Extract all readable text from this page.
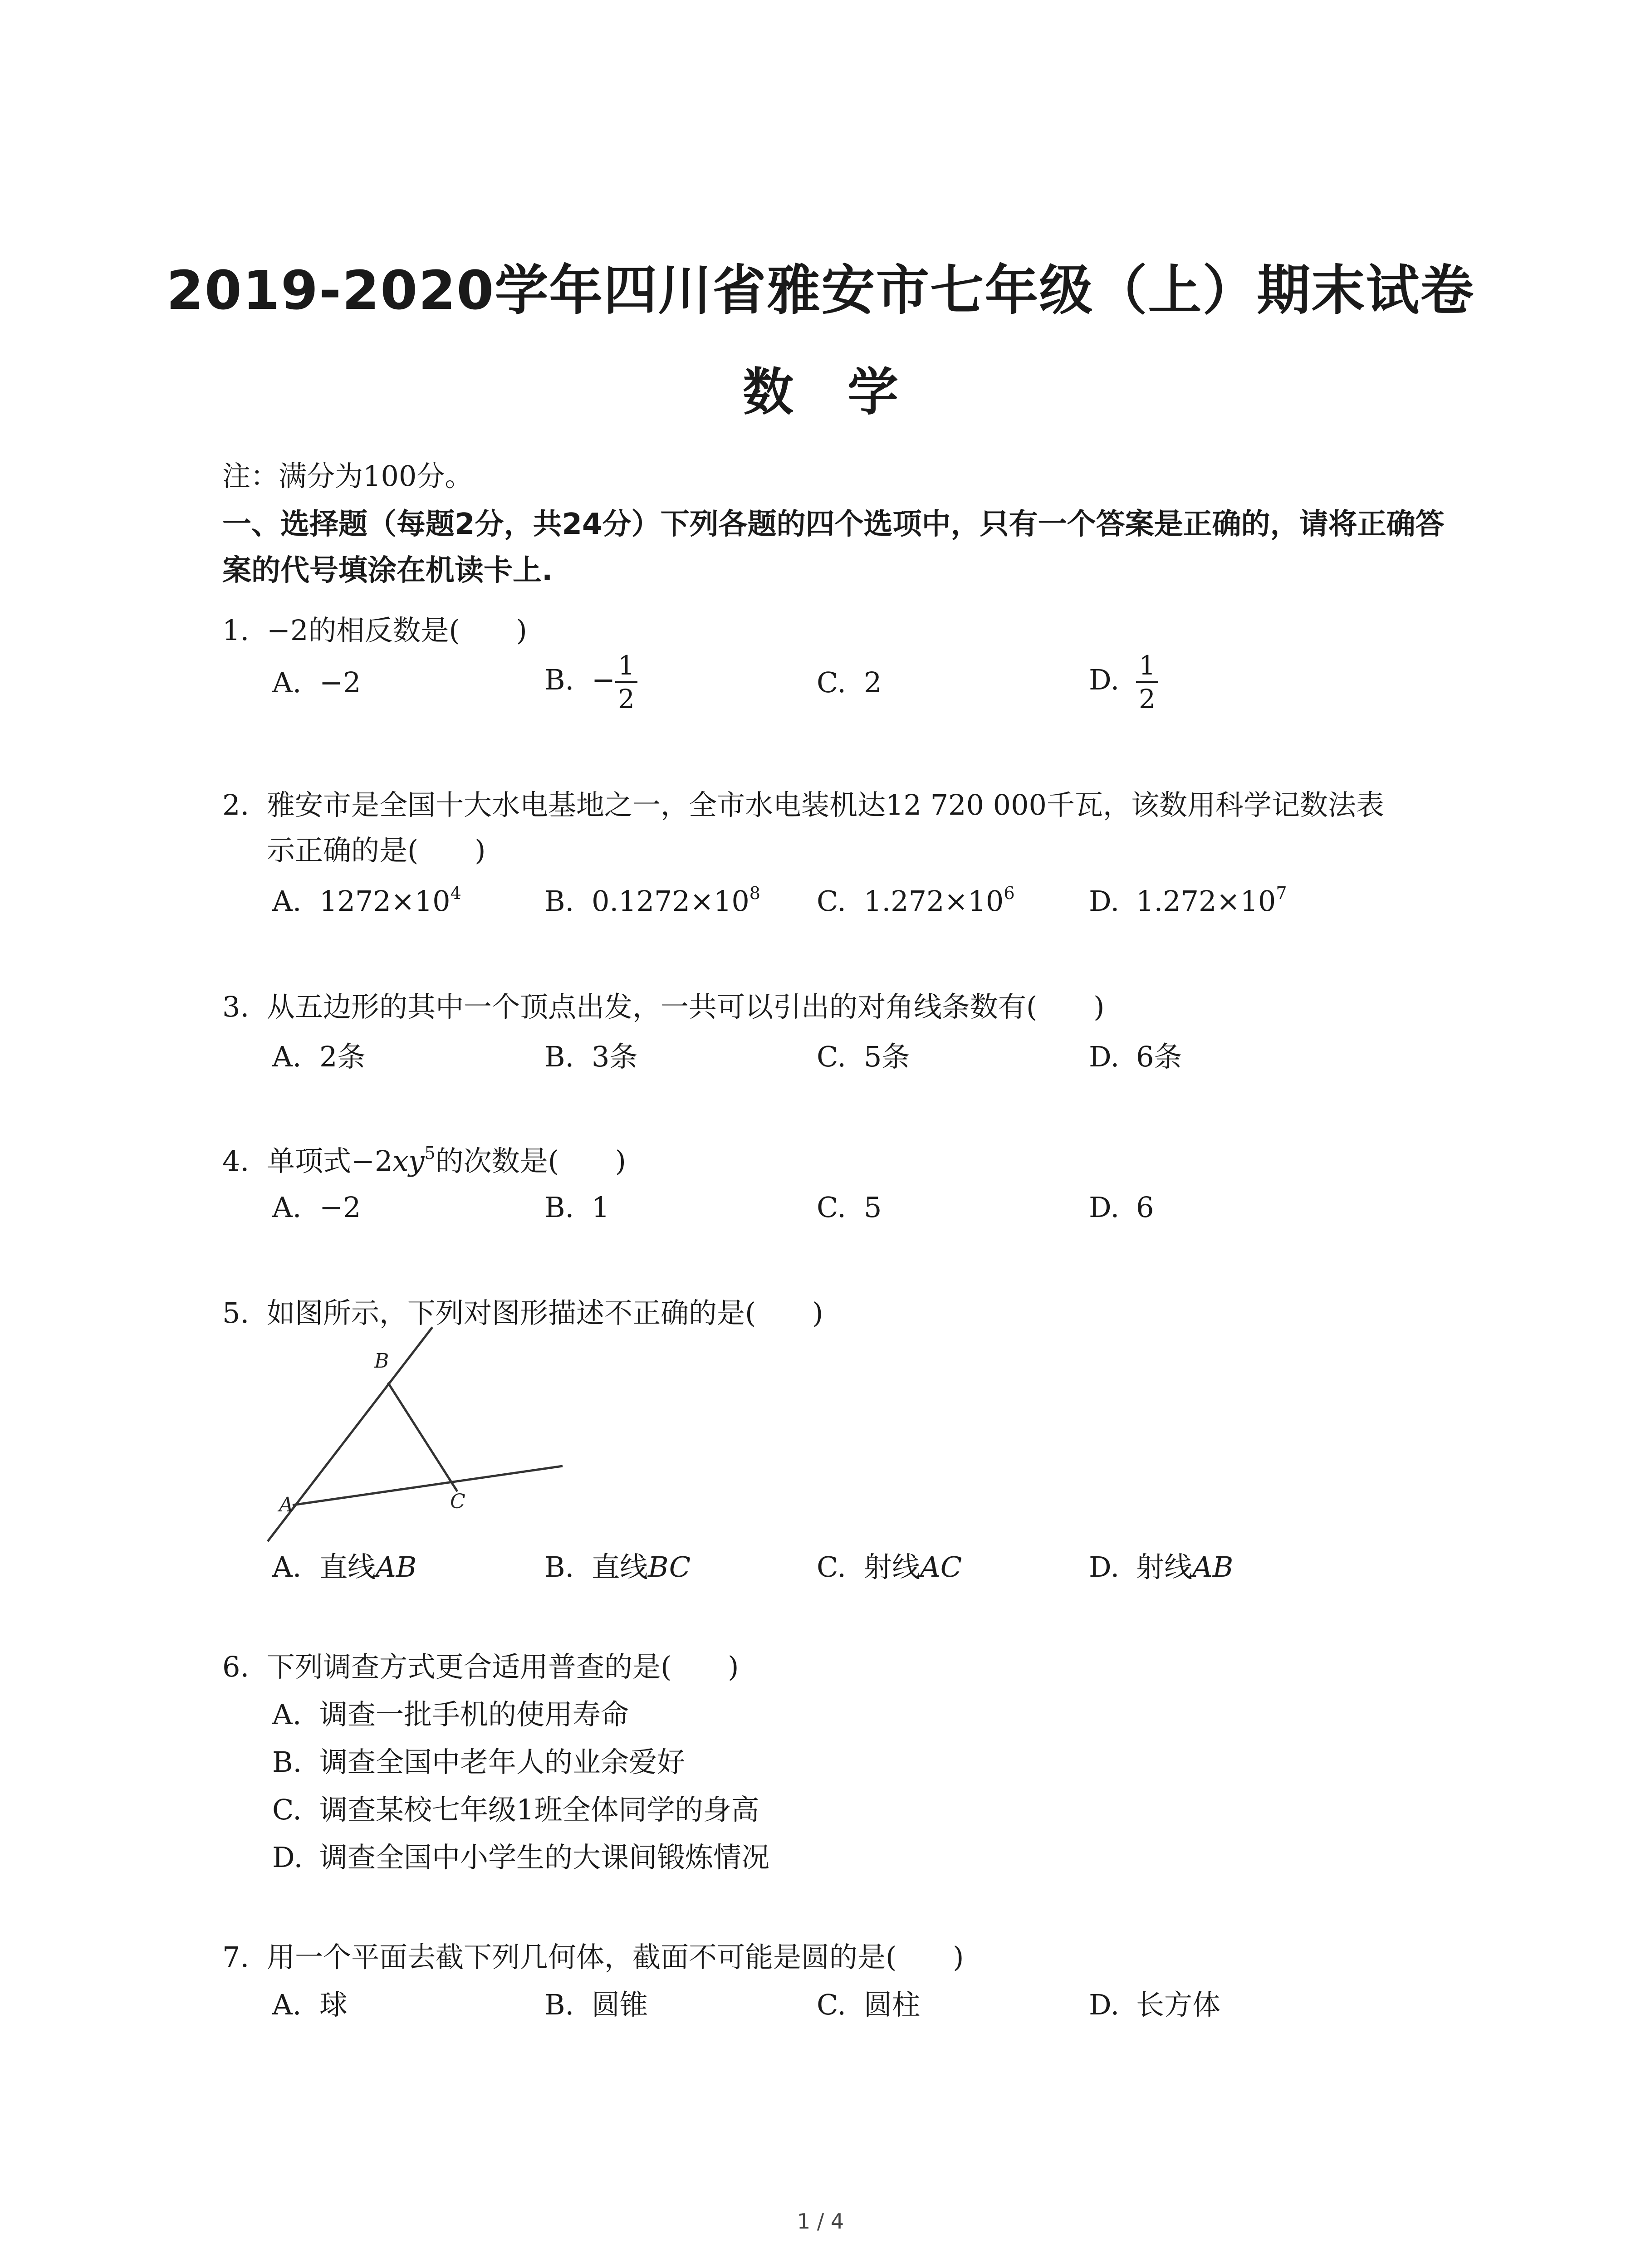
2019-2020学年四川省雅安市七年级（上）期末试卷
数 学
注：满分为100分。
一、选择题（每题2分，共24分）下列各题的四个选项中，只有一个答案是正确的，请将正确答案的代号填涂在机读卡上.
1. −2的相反数是(　　)
A. −2	B. − $\frac{1}{2}$	C. 2	D. $\frac{1}{2}$
2. 雅安市是全国十大水电基地之一，全市水电装机达12 720 000千瓦，该数用科学记数法表
示正确的是(　　)
A. $1272\times 10^4$	B. $0.1272\times 10^8$ C. $1.272\times 10^6$	D. $1.272\times 10^7$
3. 从五边形的其中一个顶点出发，一共可以引出的对角线条数有(　　)
A. 2条	B. 3条	C. 5条	D. 6条
4. 单项式$-2xy^5$的次数是(　　)
A. −2	B. 1	C. 5	D. 6
5. 如图所示，下列对图形描述不正确的是(　　)
B
A	C
A. 直线AB	B. 直线BC	C. 射线AC	D. 射线AB
6. 下列调查方式更合适用普查的是(　　)
A. 调查一批手机的使用寿命
B. 调查全国中老年人的业余爱好
C. 调查某校七年级1班全体同学的身高
D. 调查全国中小学生的大课间锻炼情况
7. 用一个平面去截下列几何体，截面不可能是圆的是(　　)
A. 球	B. 圆锥	C. 圆柱	D. 长方体
1 / 4
